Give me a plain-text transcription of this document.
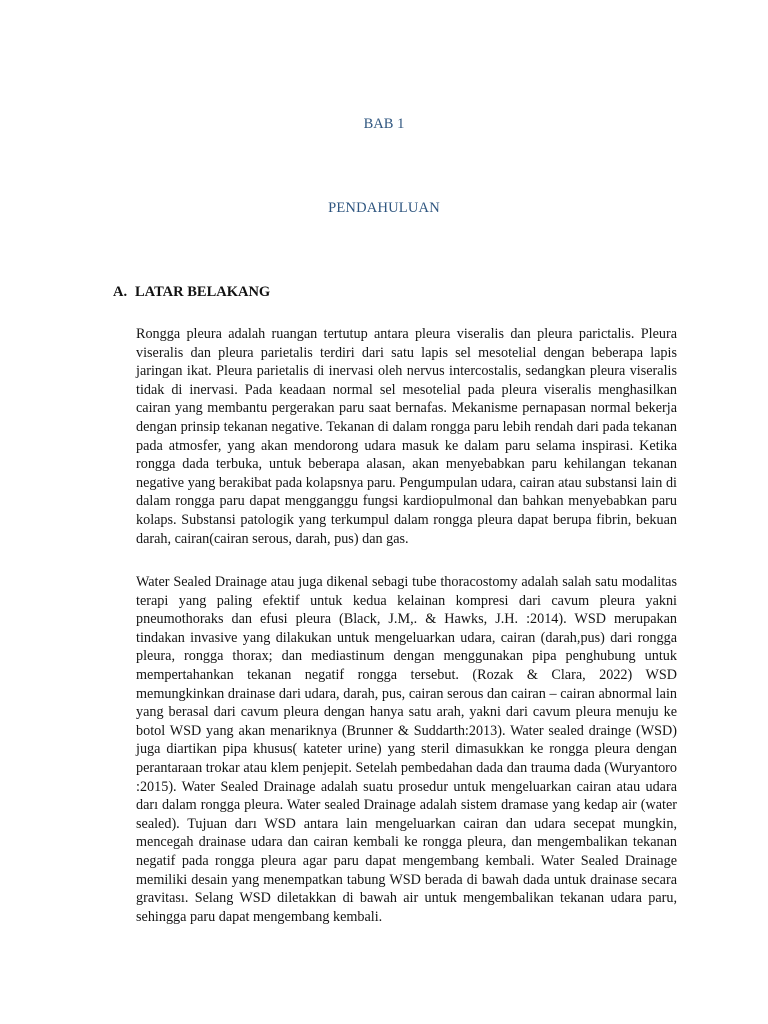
BAB 1
PENDAHULUAN
A. LATAR BELAKANG

Rongga pleura adalah ruangan tertutup antara pleura viseralis dan pleura parictalis. Pleura viseralis dan pleura parietalis terdiri dari satu lapis sel mesotelial dengan beberapa lapis jaringan ikat. Pleura parietalis di inervasi oleh nervus intercostalis, sedangkan pleura viseralis tidak di inervasi. Pada keadaan normal sel mesotelial pada pleura viseralis menghasilkan cairan yang membantu pergerakan paru saat bernafas. Mekanisme pernapasan normal bekerja dengan prinsip tekanan negative. Tekanan di dalam rongga paru lebih rendah dari pada tekanan pada atmosfer, yang akan mendorong udara masuk ke dalam paru selama inspirasi. Ketika rongga dada terbuka, untuk beberapa alasan, akan menyebabkan paru kehilangan tekanan negative yang berakibat pada kolapsnya paru. Pengumpulan udara, cairan atau substansi lain di dalam rongga paru dapat mengganggu fungsi kardiopulmonal dan bahkan menyebabkan paru kolaps. Substansi patologik yang terkumpul dalam rongga pleura dapat berupa fibrin, bekuan darah, cairan(cairan serous, darah, pus) dan gas.

Water Sealed Drainage atau juga dikenal sebagi tube thoracostomy adalah salah satu modalitas terapi yang paling efektif untuk kedua kelainan kompresi dari cavum pleura yakni pneumothoraks dan efusi pleura (Black, J.M,. & Hawks, J.H. :2014). WSD merupakan tindakan invasive yang dilakukan untuk mengeluarkan udara, cairan (darah,pus) dari rongga pleura, rongga thorax; dan mediastinum dengan menggunakan pipa penghubung untuk mempertahankan tekanan negatif rongga tersebut. (Rozak & Clara, 2022) WSD memungkinkan drainase dari udara, darah, pus, cairan serous dan cairan – cairan abnormal lain yang berasal dari cavum pleura dengan hanya satu arah, yakni dari cavum pleura menuju ke botol WSD yang akan menariknya (Brunner & Suddarth:2013). Water sealed drainge (WSD) juga diartikan pipa khusus( kateter urine) yang steril dimasukkan ke rongga pleura dengan perantaraan trokar atau klem penjepit. Setelah pembedahan dada dan trauma dada (Wuryantoro :2015). Water Sealed Drainage adalah suatu prosedur untuk mengeluarkan cairan atau udara darı dalam rongga pleura. Water sealed Drainage adalah sistem dramase yang kedap air (water sealed). Tujuan darı WSD antara lain mengeluarkan cairan dan udara secepat mungkin, mencegah drainase udara dan cairan kembali ke rongga pleura, dan mengembalikan tekanan negatif pada rongga pleura agar paru dapat mengembang kembali. Water Sealed Drainage memiliki desain yang menempatkan tabung WSD berada di bawah dada untuk drainase secara gravitası. Selang WSD diletakkan di bawah air untuk mengembalikan tekanan udara paru, sehingga paru dapat mengembang kembali.
